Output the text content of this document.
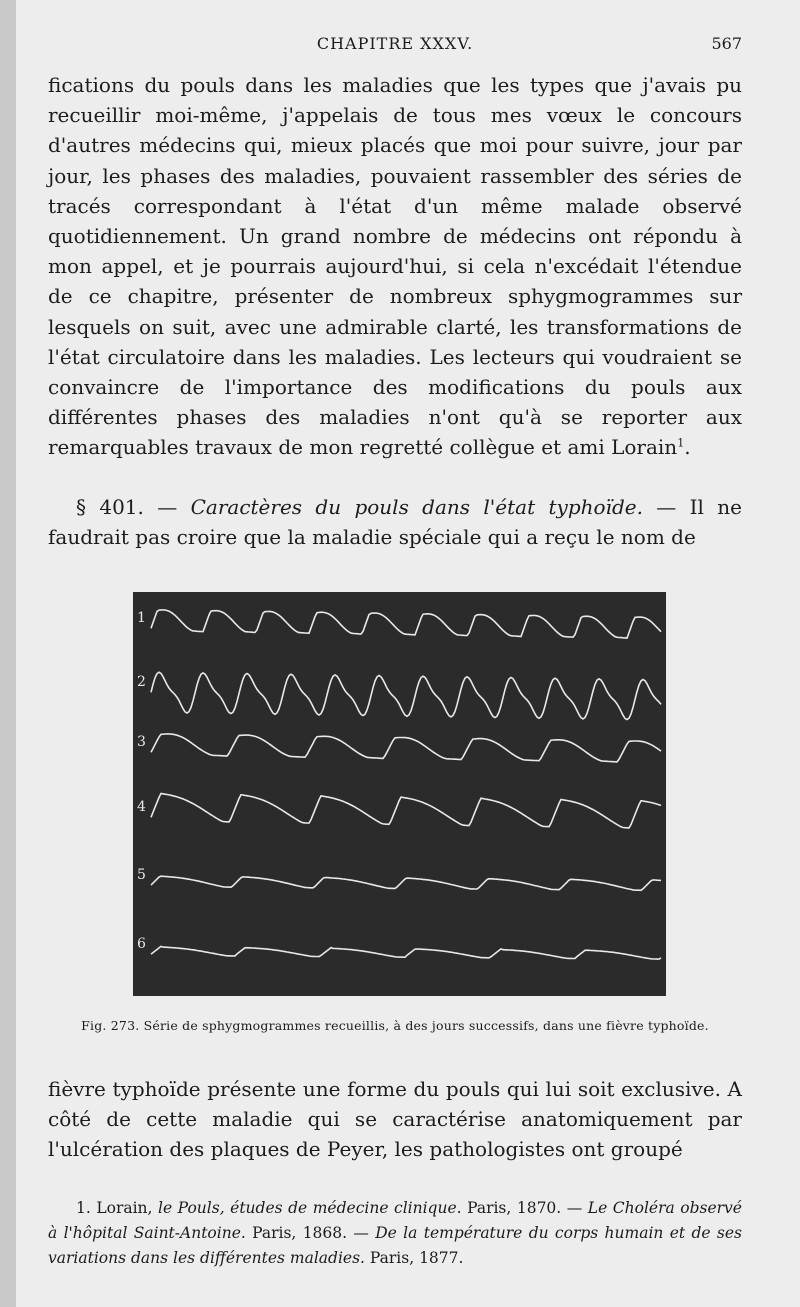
CHAPITRE XXXV.	567

fications du pouls dans les maladies que les types que j'avais pu recueillir moi-même, j'appelais de tous mes vœux le concours d'autres médecins qui, mieux placés que moi pour suivre, jour par jour, les phases des maladies, pouvaient rassembler des séries de tracés correspondant à l'état d'un même malade observé quotidiennement. Un grand nombre de médecins ont répondu à mon appel, et je pourrais aujourd'hui, si cela n'excédait l'étendue de ce chapitre, présenter de nombreux sphygmogrammes sur lesquels on suit, avec une admirable clarté, les transformations de l'état circulatoire dans les maladies. Les lecteurs qui voudraient se convaincre de l'importance des modifications du pouls aux différentes phases des maladies n'ont qu'à se reporter aux remarquables travaux de mon regretté collègue et ami Lorain$^1$.

§ 401. — Caractères du pouls dans l'état typhoïde. — Il ne faudrait pas croire que la maladie spéciale qui a reçu le nom de

1
2
3
4
5
6
Fig. 273. Série de sphygmogrammes recueillis, à des jours successifs, dans une fièvre typhoïde.

fièvre typhoïde présente une forme du pouls qui lui soit exclusive. A côté de cette maladie qui se caractérise anatomiquement par l'ulcération des plaques de Peyer, les pathologistes ont groupé

1. Lorain, le Pouls, études de médecine clinique. Paris, 1870. — Le Choléra observé à l'hôpital Saint-Antoine. Paris, 1868. — De la température du corps humain et de ses variations dans les différentes maladies. Paris, 1877.
